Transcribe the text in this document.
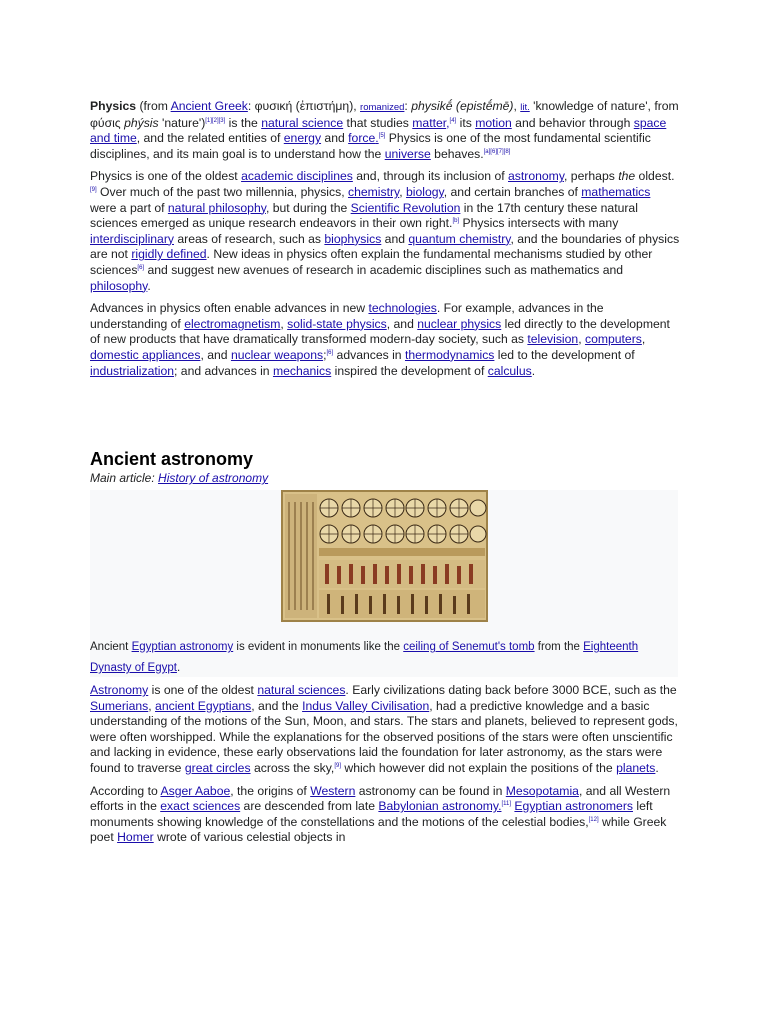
Physics (from Ancient Greek: φυσική (ἐπιστήμη), romanized: physikḗ (epistḗmē), lit. 'knowledge of nature', from φύσις phýsis 'nature')[1][2][3] is the natural science that studies matter,[4] its motion and behavior through space and time, and the related entities of energy and force.[5] Physics is one of the most fundamental scientific disciplines, and its main goal is to understand how the universe behaves.[a][6][7][8]

Physics is one of the oldest academic disciplines and, through its inclusion of astronomy, perhaps the oldest.[9] Over much of the past two millennia, physics, chemistry, biology, and certain branches of mathematics were a part of natural philosophy, but during the Scientific Revolution in the 17th century these natural sciences emerged as unique research endeavors in their own right.[b] Physics intersects with many interdisciplinary areas of research, such as biophysics and quantum chemistry, and the boundaries of physics are not rigidly defined. New ideas in physics often explain the fundamental mechanisms studied by other sciences[6] and suggest new avenues of research in academic disciplines such as mathematics and philosophy.

Advances in physics often enable advances in new technologies. For example, advances in the understanding of electromagnetism, solid-state physics, and nuclear physics led directly to the development of new products that have dramatically transformed modern-day society, such as television, computers, domestic appliances, and nuclear weapons;[6] advances in thermodynamics led to the development of industrialization; and advances in mechanics inspired the development of calculus.

Ancient astronomy
Main article: History of astronomy
Ancient Egyptian astronomy is evident in monuments like the ceiling of Senemut's tomb from the Eighteenth Dynasty of Egypt.

Astronomy is one of the oldest natural sciences. Early civilizations dating back before 3000 BCE, such as the Sumerians, ancient Egyptians, and the Indus Valley Civilisation, had a predictive knowledge and a basic understanding of the motions of the Sun, Moon, and stars. The stars and planets, believed to represent gods, were often worshipped. While the explanations for the observed positions of the stars were often unscientific and lacking in evidence, these early observations laid the foundation for later astronomy, as the stars were found to traverse great circles across the sky,[9] which however did not explain the positions of the planets.

According to Asger Aaboe, the origins of Western astronomy can be found in Mesopotamia, and all Western efforts in the exact sciences are descended from late Babylonian astronomy.[11] Egyptian astronomers left monuments showing knowledge of the constellations and the motions of the celestial bodies,[12] while Greek poet Homer wrote of various celestial objects in
